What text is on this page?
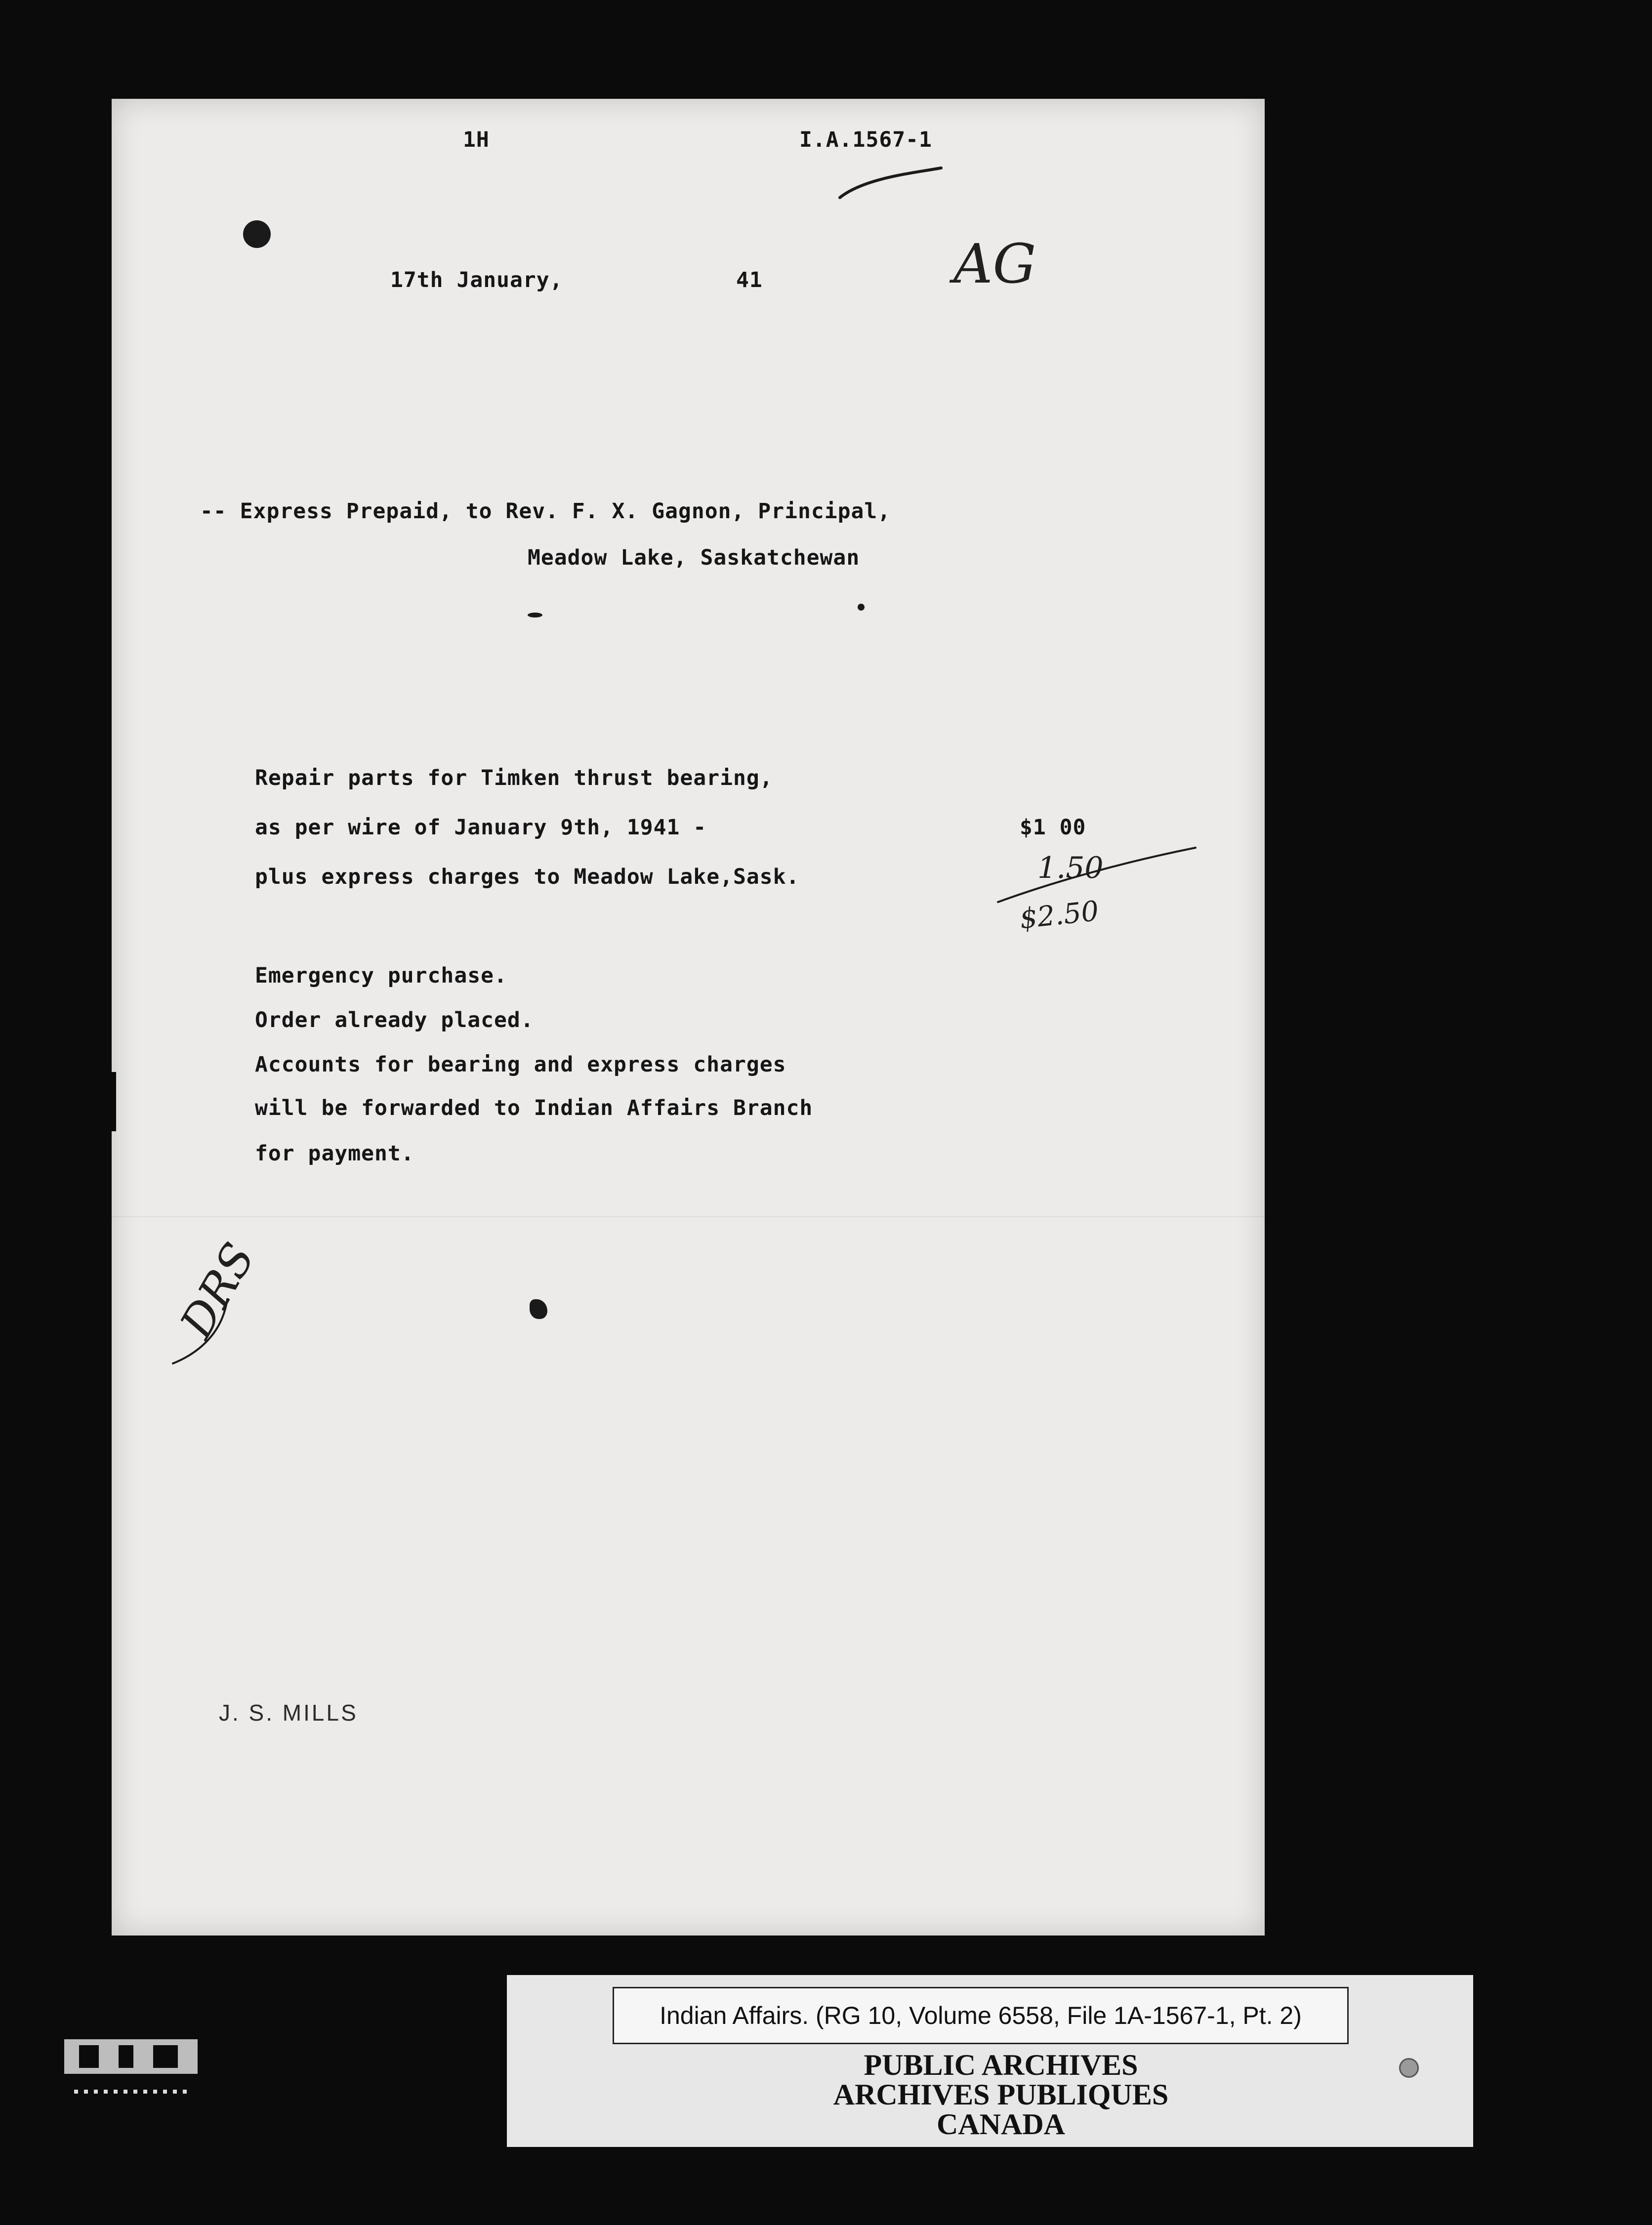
1H	I.A.1567-1
17th January,	41	AG
-- Express Prepaid, to Rev. F. X. Gagnon, Principal,
Meadow Lake, Saskatchewan
Repair parts for Timken thrust bearing,
as per wire of January 9th, 1941 -
plus express charges to Meadow Lake,Sask.
$1 00
1.50
$2.50
Emergency purchase.
Order already placed.
Accounts for bearing and express charges
will be forwarded to Indian Affairs Branch
for payment.
DRS
J. S. MILLS
Indian Affairs. (RG 10, Volume 6558, File 1A-1567-1, Pt. 2)
PUBLIC ARCHIVES
ARCHIVES PUBLIQUES
CANADA
